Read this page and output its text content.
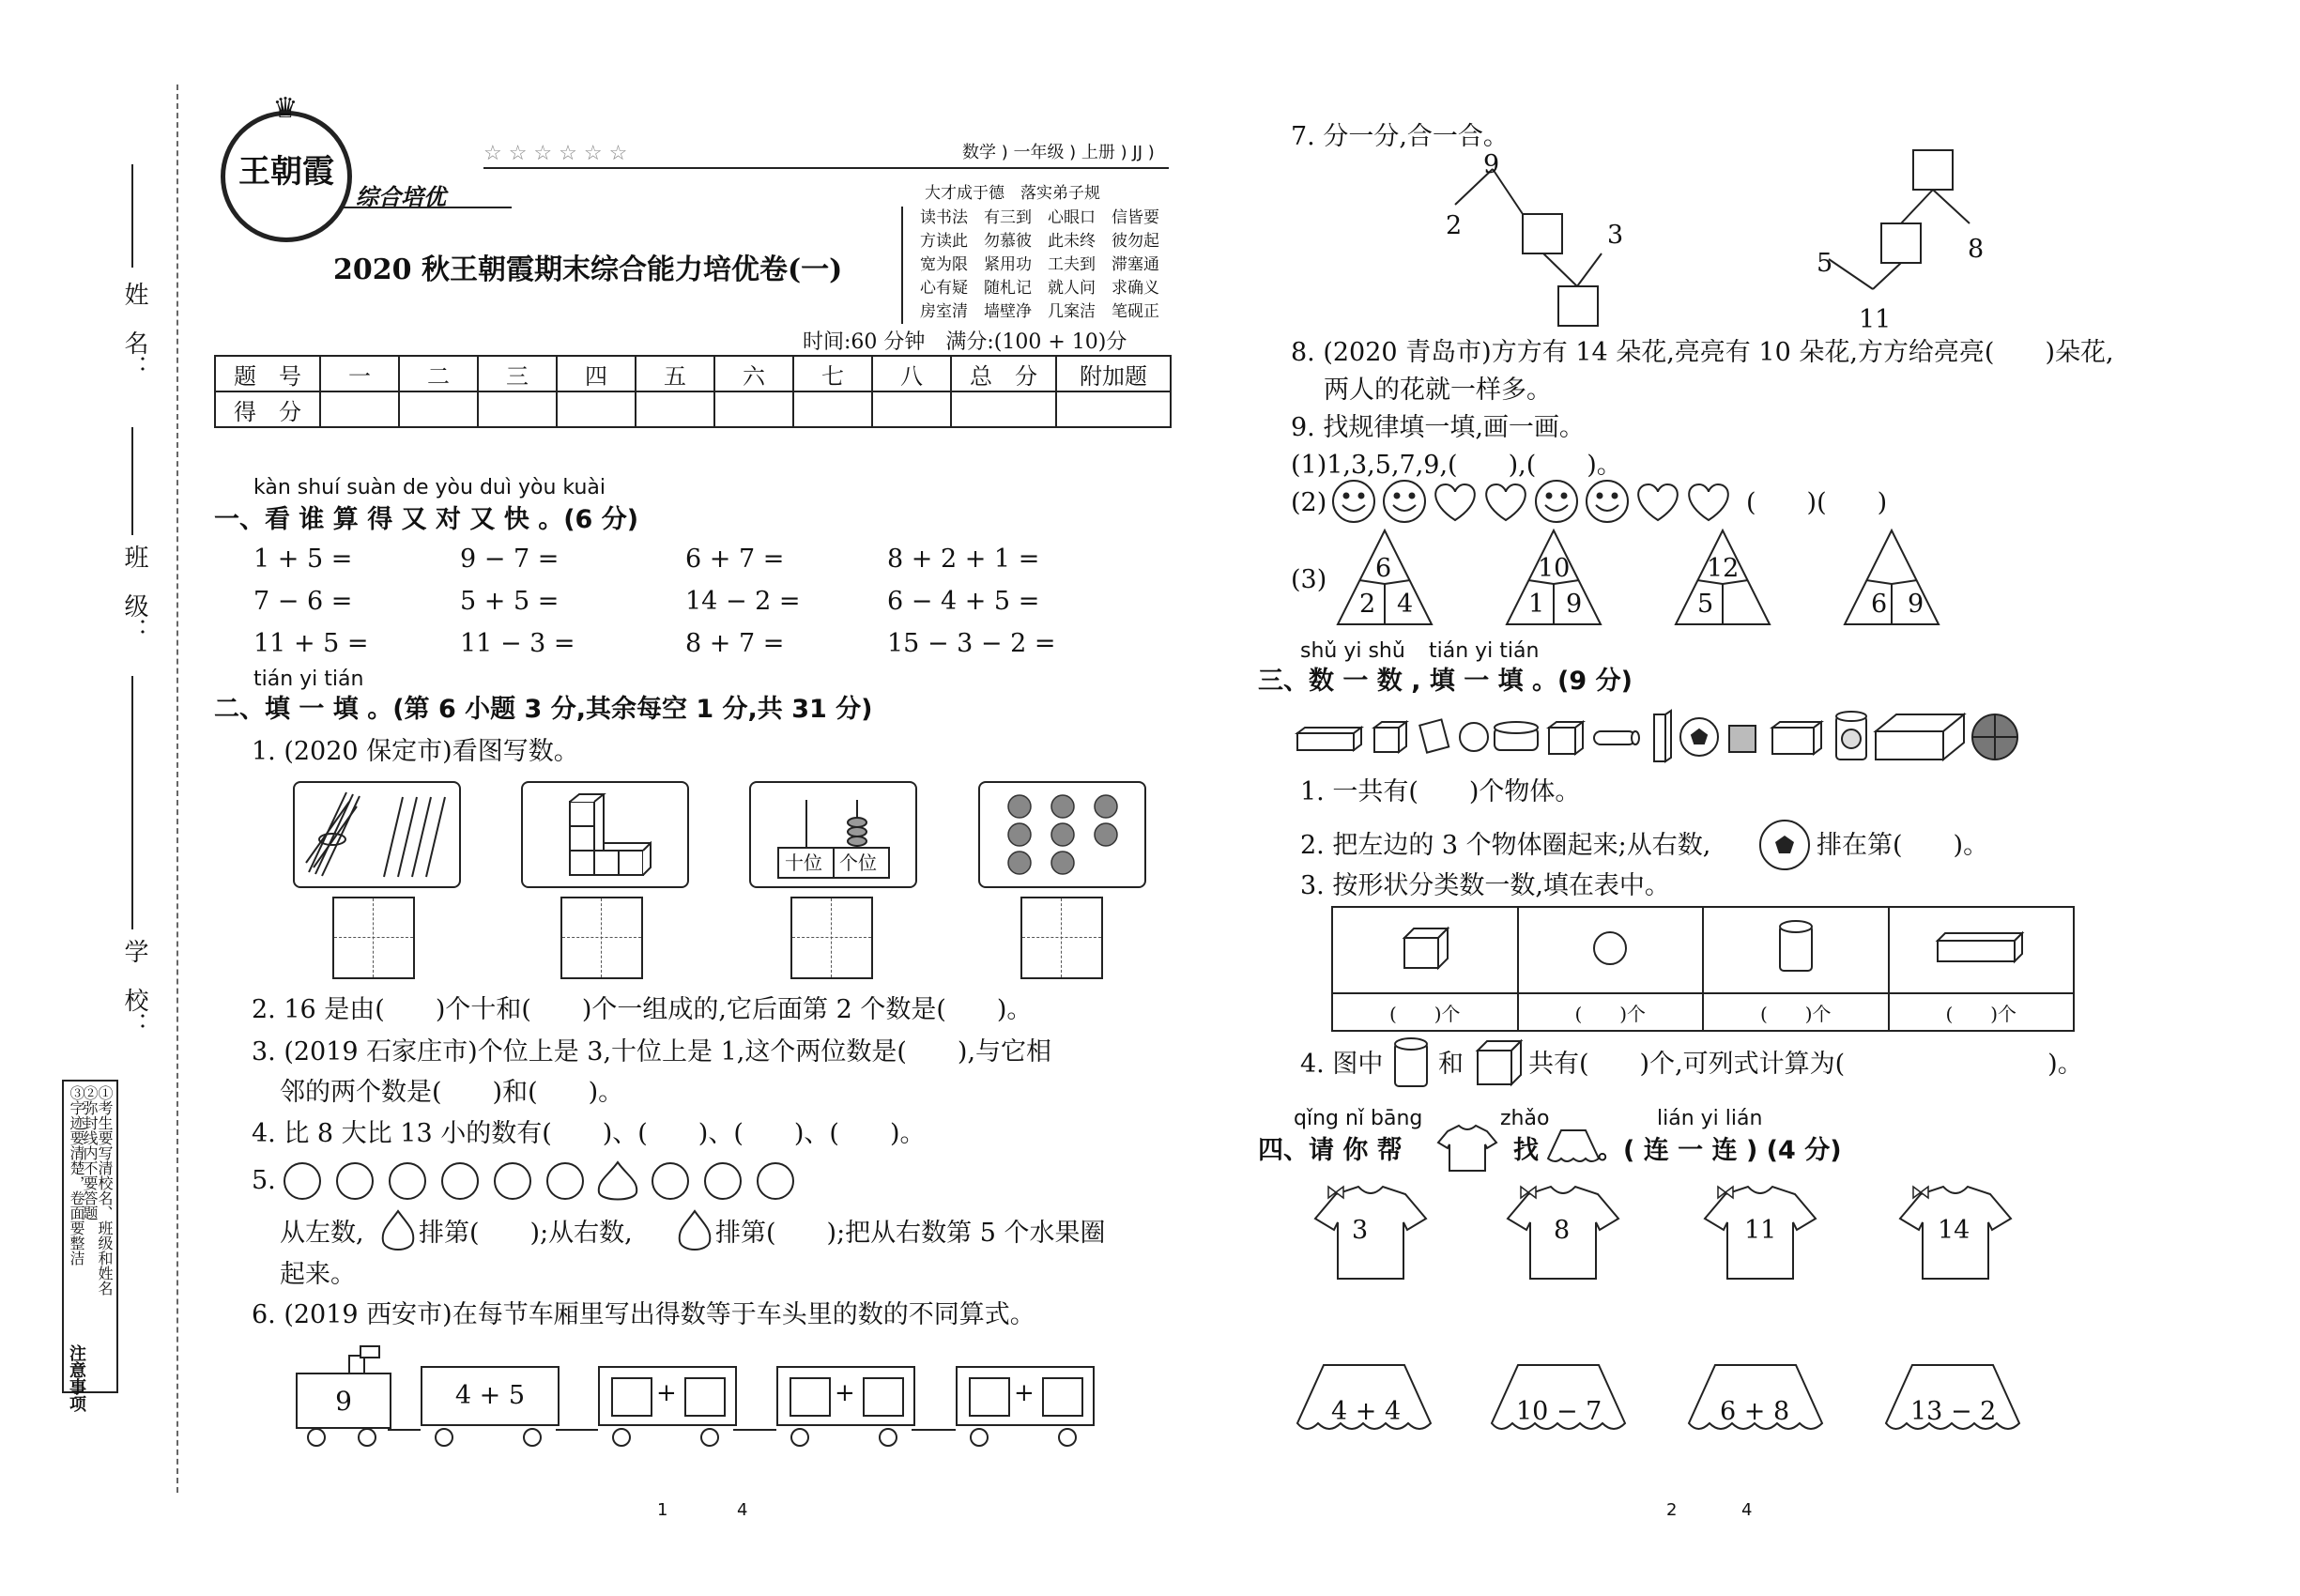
姓　名：
班　级：
学　校：
注意事项
①考生要写清校名、班级和姓名
②弥封线内不要答题
③字迹要清楚，卷面要整洁
♛
王朝霞
综合培优
☆ ☆ ☆ ☆ ☆ ☆	数学 ) 一年级 ) 上册 ) JJ )
大才成于德　落实弟子规
读书法　有三到　心眼口　信皆要
方读此　勿慕彼　此未终　彼勿起
宽为限　紧用功　工夫到　滞塞通
心有疑　随札记　就人问　求确义
房室清　墙壁净　几案洁　笔砚正
2020 秋王朝霞期末综合能力培优卷(一)
时间:60 分钟　满分:(100 + 10)分
题　号	一	二	三	四	五	六	七	八	总　分	附加题
得　分										
kàn shuí suàn de yòu duì yòu kuài
一、看 谁 算 得 又 对 又 快 。(6 分)
1 + 5 =	9 − 7 =	6 + 7 =	8 + 2 + 1 =
7 − 6 =	5 + 5 =	14 − 2 =	6 − 4 + 5 =
11 + 5 =	11 − 3 =	8 + 7 =	15 − 3 − 2 =
tián yi tián
二、填 一 填 。(第 6 小题 3 分,其余每空 1 分,共 31 分)
1. (2020 保定市)看图写数。
十位 个位
2. 16 是由(　　)个十和(　　)个一组成的,它后面第 2 个数是(　　)。
3. (2019 石家庄市)个位上是 3,十位上是 1,这个两位数是(　　),与它相
邻的两个数是(　　)和(　　)。
4. 比 8 大比 13 小的数有(　　)、(　　)、(　　)、(　　)。
5.
从左数, 排第(　　);从右数,	排第(　　);把从右数第 5 个水果圈
起来。
6. (2019 西安市)在每节车厢里写出得数等于车头里的数的不同算式。
9	4 + 5	+	+	+
1	4
7. 分一分,合一合。
9
2	3
5	8
11
8. (2020 青岛市)方方有 14 朵花,亮亮有 10 朵花,方方给亮亮(　　)朵花,
两人的花就一样多。
9. 找规律填一填,画一画。
(1)1,3,5,7,9,(　　),(　　)。
(2)	(　　)(　　)
(3) 6
2 4
10
1 9
12
5	6 9
shǔ yi shǔ tián yi tián
三、数 一 数 , 填 一 填 。(9 分)
1. 一共有(　　)个物体。
2. 把左边的 3 个物体圈起来;从右数,	排在第(　　)。
3. 按形状分类数一数,填在表中。

(　　)个	(　　)个	(　　)个	(　　)个
4. 图中 和	共有(　　)个,可列式计算为(　　　　　　　　)。
qǐng nǐ bāng	zhǎo	lián yi lián
四、请 你 帮	找 。( 连 一 连 ) (4 分)
3	8	11	14
4 + 4	10 − 7	6 + 8	13 − 2
2	4
